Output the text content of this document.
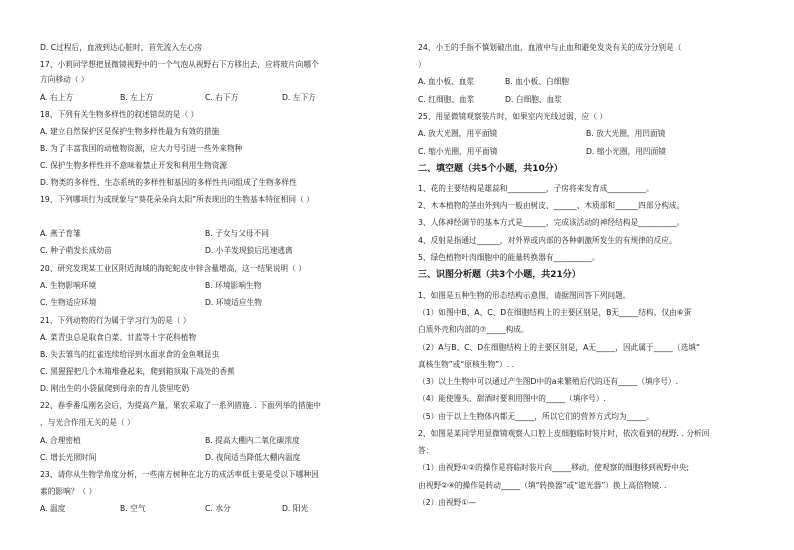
D. C过程后，血液到达心脏时，首先流入左心房
17、小莉同学想把显微镜视野中的一个气泡从视野右下方移出去，应将玻片向哪个
方向移动（ ）
A. 右上方	B. 左上方	C. 右下方	D. 左下方
18、下列有关生物多样性的叙述错误的是（ ）
A. 建立自然保护区是保护生物多样性最为有效的措施
B. 为了丰富我国的动植物资源，应大力号引进一些外来物种
C. 保护生物多样性并不意味着禁止开发和利用生物资源
D. 物类的多样性、生态系统的多样性和基因的多样性共同组成了生物多样性
19、下列哪项行为或现象与“葵花朵朵向太阳”所表现出的生物基本特征相同（ ）
A. 燕子育雏	B. 子女与父母不同
C. 种子萌发长成幼苗	D. 小羊发现狼后迅速逃离
20、研究发现某工业区附近海域的海蛇蛇皮中锌含量增高，这一结果说明（ ）
A. 生物影响环境	B. 环境影响生物
C. 生物适应环境	D. 环境适应生物
21、下列动物的行为属于学习行为的是（ ）
A. 菜青虫总是取食白菜、甘蓝等十字花科植物
B. 失去雏鸟的红雀连续给浮到水面求食的金鱼喂昆虫
C. 黑猩猩把几个木箱堆叠起来，爬到箱顶取下高处的香蕉
D. 刚出生的小袋鼠爬到母亲的育儿袋里吃奶
22、春季番瓜刚名会后，为提高产量，果农采取了一系列措施. . 下面列举的措施中
，与光合作用无关的是（ ）
A. 合理密植	B. 提高大棚内二氧化碳浓度
C. 增长光照时间	D. 夜间适当降低大棚内温度
23、请你从生物学角度分析，一些南方树种在北方的成活率低主要是受以下哪种因
素的影响？（ ）
A. 温度	B. 空气	C. 水分	D. 阳光
24、小王的手指不慎划破出血，血液中与止血和避免发炎有关的成分分别是（
）
A. 血小板、血浆	B. 血小板、白细胞
C. 红细胞、血浆	D. 白细胞、血浆
25、用显微镜观察装片时，如果室内光线过弱，应（ ）
A. 放大光圈，用平面镜	B. 放大光圈，用凹面镜
C. 缩小光圈，用平面镜	D. 缩小光圈，用凹面镜
二、填空题（共5个小题，共10分）
1、花的主要结构是雄蕊和__________，子房将来发育成__________。
2、木本植物的茎由外到内一般由树皮、______、木质部和______四部分构成。
3、人体神经调节的基本方式是______，完成该活动的神经结构是__________。
4、反射是指通过______，对外界或内部的各种刺激所发生的有规律的反应。
5、绿色植物叶肉细胞中的能量转换器有__________。
三、识图分析题（共3个小题，共21分）
1、如图是五种生物的形态结构示意图，请据图回答下列问题。
（1）如图中B、A、C、D在细胞结构上的主要区别是，B无_____结构，仅由⑥蛋
白质外壳和内部的⑦_____构成。
（2）A与B、C、D在细胞结构上的主要区别是，A无_____，因此属于_____（选填“
真核生物”或“原核生物”）. .
（3）以上生物中可以通过产生图D中的a来繁殖后代的还有_____（填序号）.
（4）能使馒头、甜酒时要利用图中的_____（填序号）.
（5）由于以上生物体内都无_____，所以它们的营养方式均为_____。
2、如图是某同学用显微镜观察人口腔上皮细胞临时装片时，依次看到的视野. . 分析回
答：
（1）由视野①②的操作是将临时装片向_____移动，使观察的细胞移到视野中央;
由视野②④的操作是转动_____（填“转换器”或“遮光器”）换上高倍物镜. .
（2）由视野①—
